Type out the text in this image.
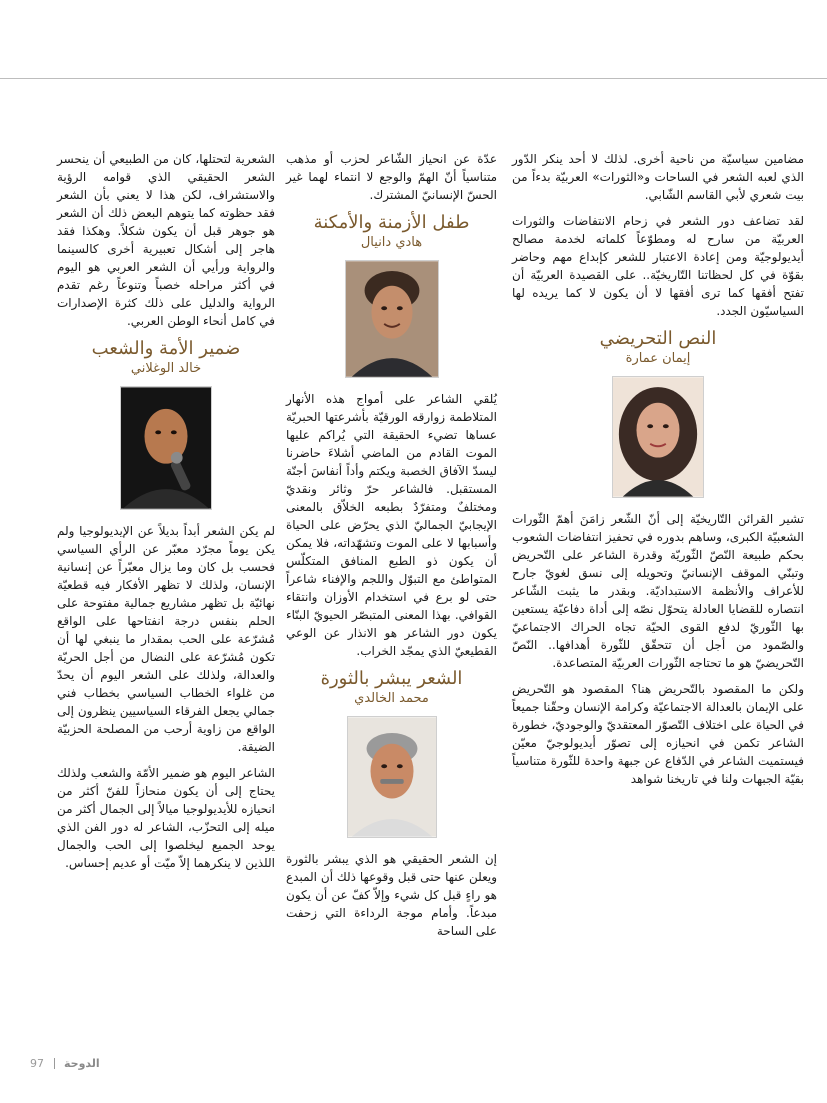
مضامين سياسيّة من ناحية أخرى. لذلك لا أحد ينكر الدّور الذي لعبه الشعر في الساحات و«الثورات» العربيّة بدءاً من بيت شعري لأبي القاسم الشّابي.

لقد تضاعف دور الشعر في زحام الانتفاضات والثورات العربيّة من سارح له ومطوّعاً كلماته لخدمة مصالح أيديولوجيّة ومن إعادة الاعتبار للشعر كإبداع مهم وحاضر بقوّة في كل لحظاتنا التّاريخيّة.. على القصيدة العربيّة أن تفتح أفقها كما ترى أفقها لا أن يكون لا كما يريده لها السياسيّون الجدد.

النص التحريضي
إيمان عمارة

تشير القرائن التّاريخيّة إلى أنّ الشّعر زامَنَ أهمّ الثّورات الشعبيّة الكبرى، وساهم بدوره في تحفيز انتفاضات الشعوب بحكم طبيعة النّصّ الثّوريّة وقدرة الشاعر على التّحريض وتبنّي الموقف الإنسانيّ وتحويله إلى نسق لغويّ جارح للأعراف والأنظمة الاستبداديّة. وبقدر ما يثبت الشّاعر انتصاره للقضايا العادلة يتحوّل نصّه إلى أداة دفاعيّة يستعين بها الثّوريّ لدفع القوى الحيّة تجاه الحراك الاجتماعيّ والصّمود من أجل أن تتحقّق للثّورة أهدافها.. النّصّ التّحريضيّ هو ما تحتاجه الثّورات العربيّة المتصاعدة.

ولكن ما المقصود بالتّحريض هنا؟ المقصود هو التّحريض على الإيمان بالعدالة الاجتماعيّة وكرامة الإنسان وحقّنا جميعاً في الحياة على اختلاف التّصوّر المعتقديّ والوجوديّ، خطورة الشاعر تكمن في انحيازه إلى تصوّر أيديولوجيّ معيّن فيستميت الشاعر في الدّفاع عن جبهة واحدة للثّورة متناسياً بقيّة الجبهات ولنا في تاريخنا شواهد

عدّة عن انحياز الشّاعر لحزب أو مذهب متناسياً أنّ الهمّ والوجع لا انتماء لهما غير الحسّ الإنسانيّ المشترك.

طفل الأزمنة والأمكنة
هادي دانيال

يُلقي الشاعر على أمواج هذه الأنهار المتلاطمة زوارقه الورقيّة بأشرعتها الحبريّة عساها تضيء الحقيقة التي يُراكم عليها الموت القادم من الماضي أشلاءَ حاضرنا ليسدّ الآفاق الخصبة ويكتم وأداً أنفاسَ أجنّة المستقبل. فالشاعر حرّ وثائر ونقديّ ومختلفٌ ومتفرّدٌ بطبعه الخلاّق بالمعنى الإيجابيّ الجماليّ الذي يحرّض على الحياة وأسبابها لا على الموت وتشهّداته، فلا يمكن أن يكون ذو الطبع المنافق المتكلّس المتواطئ مع التبوّل واللجم والإفناء شاعراً حتى لو برع في استخدام الأوزان وانتقاء القوافي. بهذا المعنى المتبصّر الحيويّ البنّاء يكون دور الشاعر هو الانذار عن الوعي القطيعيّ الذي يمجّد الخراب.

الشعر يبشر بالثورة
محمد الخالدي

إن الشعر الحقيقي هو الذي يبشر بالثورة ويعلن عنها حتى قبل وقوعها ذلك أن المبدع هو راءٍ قبل كل شيء وإلاّ كفّ عن أن يكون مبدعاً. وأمام موجة الرداءة التي زحفت على الساحة

الشعرية لتحتلها، كان من الطبيعي أن ينحسر الشعر الحقيقي الذي قوامه الرؤية والاستشراف، لكن هذا لا يعني بأن الشعر فقد حظوته كما يتوهم البعض ذلك أن الشعر هو جوهر قبل أن يكون شكلاً. وهكذا فقد هاجر إلى أشكال تعبيرية أخرى كالسينما والرواية ورأيي أن الشعر العربي هو اليوم في أكثر مراحله خصباً وتنوعاً رغم تقدم الرواية والدليل على ذلك كثرة الإصدارات في كامل أنحاء الوطن العربي.

ضمير الأمة والشعب
خالد الوغلاني

لم يكن الشعر أبداً بديلاً عن الإيديولوجيا ولم يكن يوماً مجرّد معبّر عن الرأي السياسي فحسب بل كان وما يزال معبّراً عن إنسانية الإنسان، ولذلك لا تظهر الأفكار فيه قطعيّة نهائيّة بل تظهر مشاريع جمالية مفتوحة على الحلم بنفس درجة انفتاحها على الواقع مُشرّعة على الحب بمقدار ما ينبغي لها أن تكون مُشرّعة على النضال من أجل الحريّة والعدالة، ولذلك على الشعر اليوم أن يحدّ من غلواء الخطاب السياسي بخطاب فني جمالي يجعل الفرقاء السياسيين ينظرون إلى الواقع من زاوية أرحب من المصلحة الحزبيّة الضيقة.

الشاعر اليوم هو ضمير الأمّة والشعب ولذلك يحتاج إلى أن يكون منحازاً للفنّ أكثر من انحيازه للأيديولوجيا ميالاً إلى الجمال أكثر من ميله إلى التحزّب، الشاعر له دور الفن الذي يوحد الجميع ليخلصوا إلى الحب والجمال اللذين لا ينكرهما إلاّ ميّت أو عديم إحساس.

97 الدوحة
